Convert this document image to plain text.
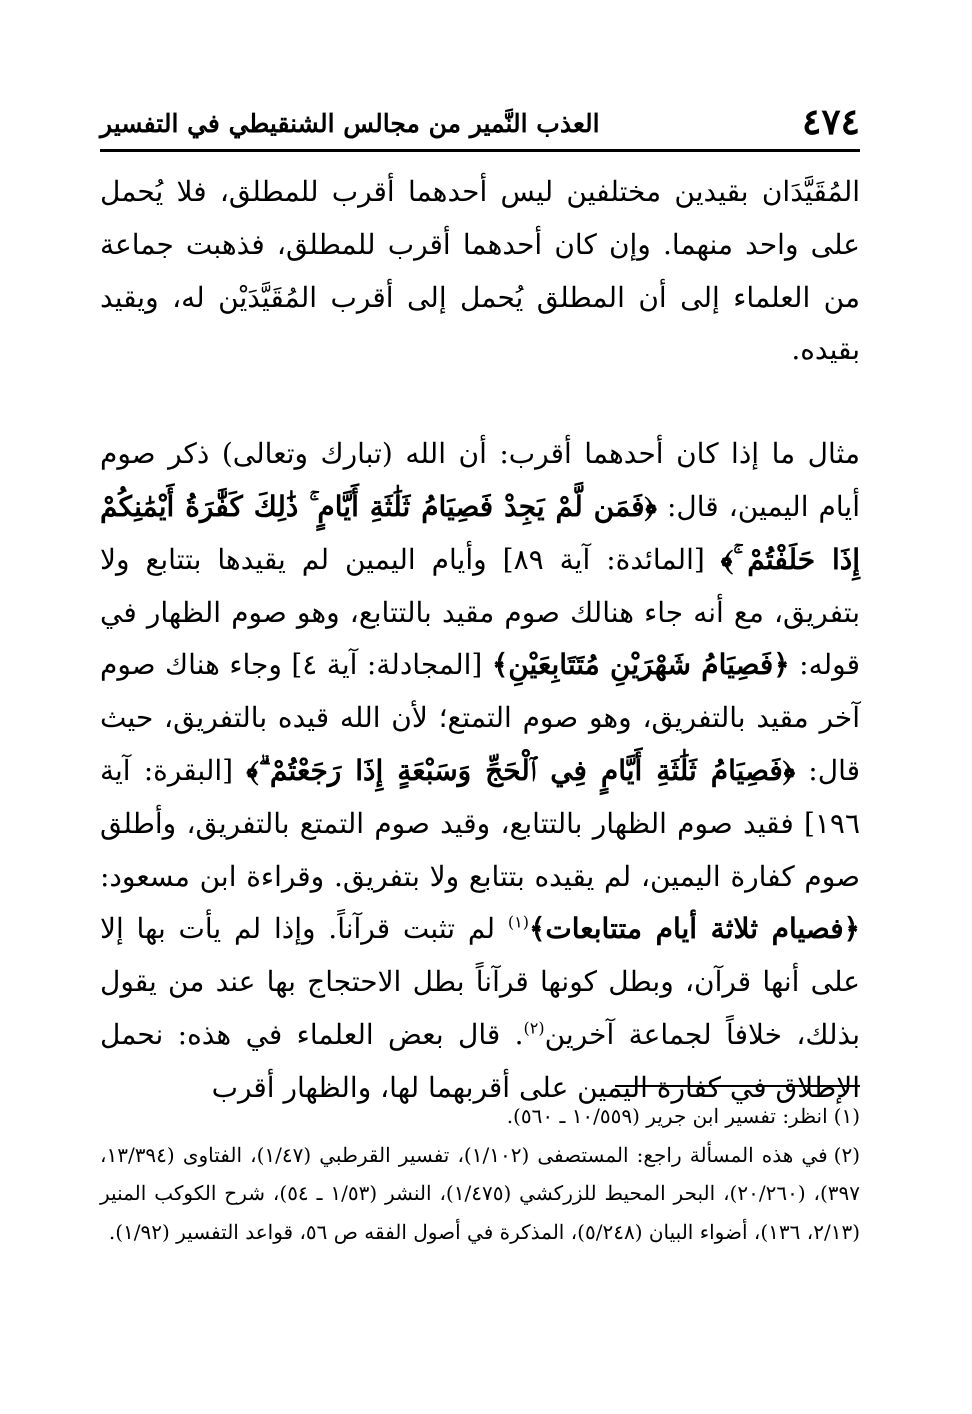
٤٧٤
العذب النَّمير من مجالس الشنقيطي في التفسير

المُقَيَّدَان بقيدين مختلفين ليس أحدهما أقرب للمطلق، فلا يُحمل على واحد منهما. وإن كان أحدهما أقرب للمطلق، فذهبت جماعة من العلماء إلى أن المطلق يُحمل إلى أقرب المُقَيَّدَيْن له، ويقيد بقيده.

مثال ما إذا كان أحدهما أقرب: أن الله (تبارك وتعالى) ذكر صوم أيام اليمين، قال: ﴿فَمَن لَّمْ يَجِدْ فَصِيَامُ ثَلَٰثَةِ أَيَّامٍ ۚ ذَٰلِكَ كَفَّٰرَةُ أَيْمَٰنِكُمْ إِذَا حَلَفْتُمْ ۚ﴾ [المائدة: آية ٨٩] وأيام اليمين لم يقيدها بتتابع ولا بتفريق، مع أنه جاء هنالك صوم مقيد بالتتابع، وهو صوم الظهار في قوله: ﴿فَصِيَامُ شَهْرَيْنِ مُتَتَابِعَيْنِ﴾ [المجادلة: آية ٤] وجاء هناك صوم آخر مقيد بالتفريق، وهو صوم التمتع؛ لأن الله قيده بالتفريق، حيث قال: ﴿فَصِيَامُ ثَلَٰثَةِ أَيَّامٍ فِي ٱلْحَجِّ وَسَبْعَةٍ إِذَا رَجَعْتُمْ ۗ﴾ [البقرة: آية ١٩٦] فقيد صوم الظهار بالتتابع، وقيد صوم التمتع بالتفريق، وأطلق صوم كفارة اليمين، لم يقيده بتتابع ولا بتفريق. وقراءة ابن مسعود: ﴿فصيام ثلاثة أيام متتابعات﴾$^{(١)}$ لم تثبت قرآناً. وإذا لم يأت بها إلا على أنها قرآن، وبطل كونها قرآناً بطل الاحتجاج بها عند من يقول بذلك، خلافاً لجماعة آخرين$^{(٢)}$. قال بعض العلماء في هذه: نحمل الإطلاق في كفارة اليمين على أقربهما لها، والظهار أقرب

(١)انظر: تفسير ابن جرير (١٠/٥٥٩ ـ ٥٦٠).

(٢)في هذه المسألة راجع: المستصفى (١/١٠٢)، تفسير القرطبي (١/٤٧)، الفتاوى (١٣/٣٩٤، ٣٩٧)، (٢٠/٢٦٠)، البحر المحيط للزركشي (١/٤٧٥)، النشر (١/٥٣ ـ ٥٤)، شرح الكوكب المنير (٢/١٣، ١٣٦)، أضواء البيان (٥/٢٤٨)، المذكرة في أصول الفقه ص ٥٦، قواعد التفسير (١/٩٢).
